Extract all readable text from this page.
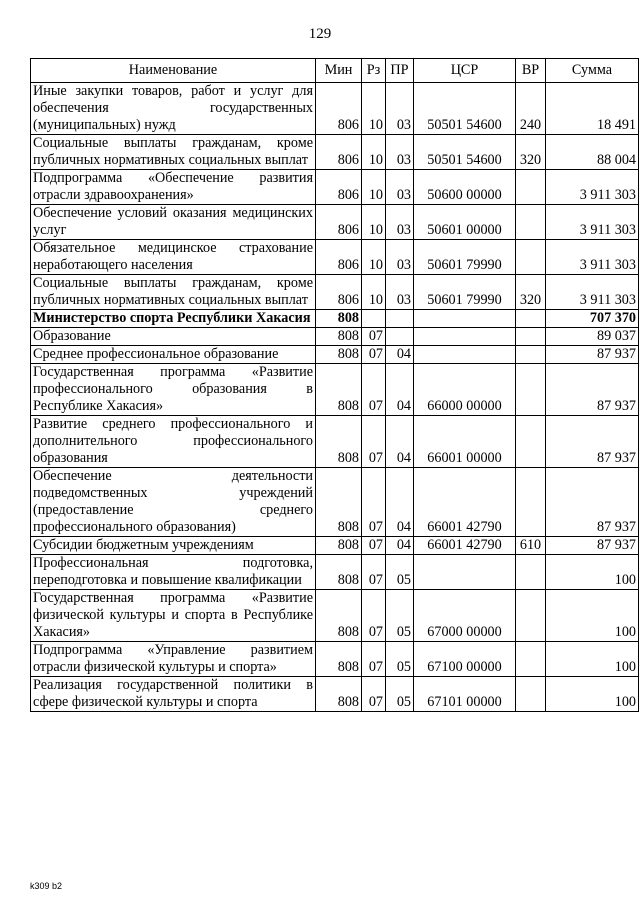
129
Наименование	Мин	Рз	ПР	ЦСР	ВР	Сумма
Иные закупки товаров, работ и услуг для обеспечения государственных (муниципальных) нужд	806	10	03	50501 54600	240	18 491
Социальные выплаты гражданам, кроме публичных нормативных социальных выплат	806	10	03	50501 54600	320	88 004
Подпрограмма «Обеспечение развития отрасли здравоохранения»	806	10	03	50600 00000		3 911 303
Обеспечение условий оказания медицинских услуг	806	10	03	50601 00000		3 911 303
Обязательное медицинское страхование неработающего населения	806	10	03	50601 79990		3 911 303
Социальные выплаты гражданам, кроме публичных нормативных социальных выплат	806	10	03	50601 79990	320	3 911 303
Министерство спорта Республики Хакасия	808					707 370
Образование	808	07				89 037
Среднее профессиональное образование	808	07	04			87 937
Государственная программа «Развитие профессионального образования в Республике Хакасия»	808	07	04	66000 00000		87 937
Развитие среднего профессионального и дополнительного профессионального образования	808	07	04	66001 00000		87 937
Обеспечение деятельности подведомственных учреждений (предоставление среднего профессионального образования)	808	07	04	66001 42790		87 937
Субсидии бюджетным учреждениям	808	07	04	66001 42790	610	87 937
Профессиональная подготовка, переподготовка и повышение квалификации	808	07	05			100
Государственная программа «Развитие физической культуры и спорта в Республике Хакасия»	808	07	05	67000 00000		100
Подпрограмма «Управление развитием отрасли физической культуры и спорта»	808	07	05	67100 00000		100
Реализация государственной политики в сфере физической культуры и спорта	808	07	05	67101 00000		100
k309 b2
